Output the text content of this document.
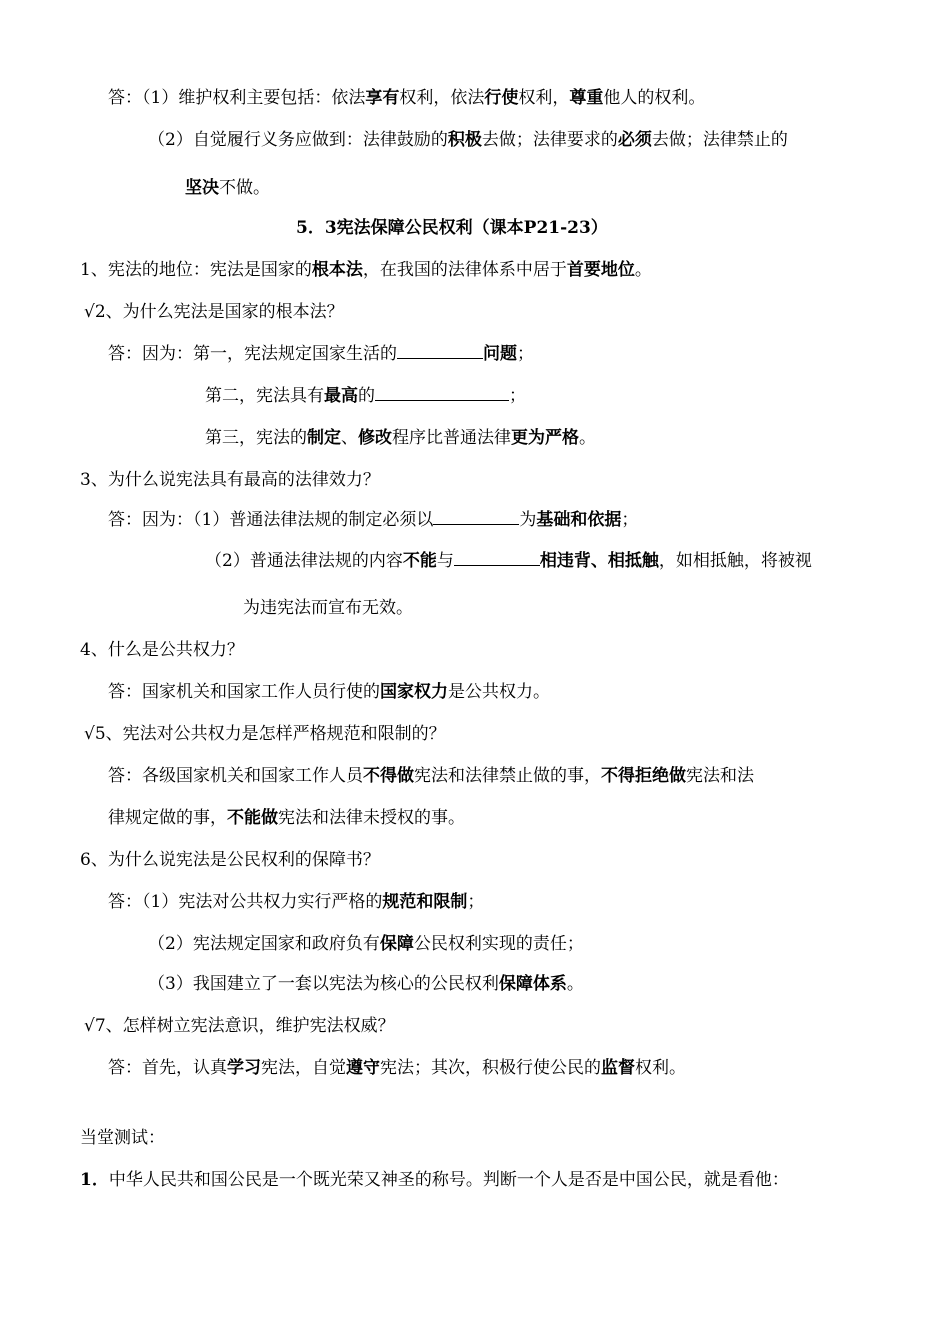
答：（1）维护权利主要包括：依法享有权利，依法行使权利，尊重他人的权利。
（2）自觉履行义务应做到：法律鼓励的积极去做；法律要求的必须去做；法律禁止的
坚决不做。
5．3宪法保障公民权利（课本P21-23）
1、宪法的地位：宪法是国家的根本法，在我国的法律体系中居于首要地位。
√2、为什么宪法是国家的根本法？
答：因为：第一，宪法规定国家生活的	问题；
第二，宪法具有最高的	；
第三，宪法的制定、修改程序比普通法律更为严格。
3、为什么说宪法具有最高的法律效力？
答：因为：（1）普通法律法规的制定必须以	为基础和依据；
（2）普通法律法规的内容不能与	相违背、相抵触，如相抵触，将被视
为违宪法而宣布无效。
4、什么是公共权力？
答：国家机关和国家工作人员行使的国家权力是公共权力。
√5、宪法对公共权力是怎样严格规范和限制的？
答：各级国家机关和国家工作人员不得做宪法和法律禁止做的事，不得拒绝做宪法和法
律规定做的事，不能做宪法和法律未授权的事。
6、为什么说宪法是公民权利的保障书？
答：（1）宪法对公共权力实行严格的规范和限制；
（2）宪法规定国家和政府负有保障公民权利实现的责任；
（3）我国建立了一套以宪法为核心的公民权利保障体系。
√7、怎样树立宪法意识，维护宪法权威？
答：首先，认真学习宪法，自觉遵守宪法；其次，积极行使公民的监督权利。
当堂测试：
1．中华人民共和国公民是一个既光荣又神圣的称号。判断一个人是否是中国公民，就是看他：
